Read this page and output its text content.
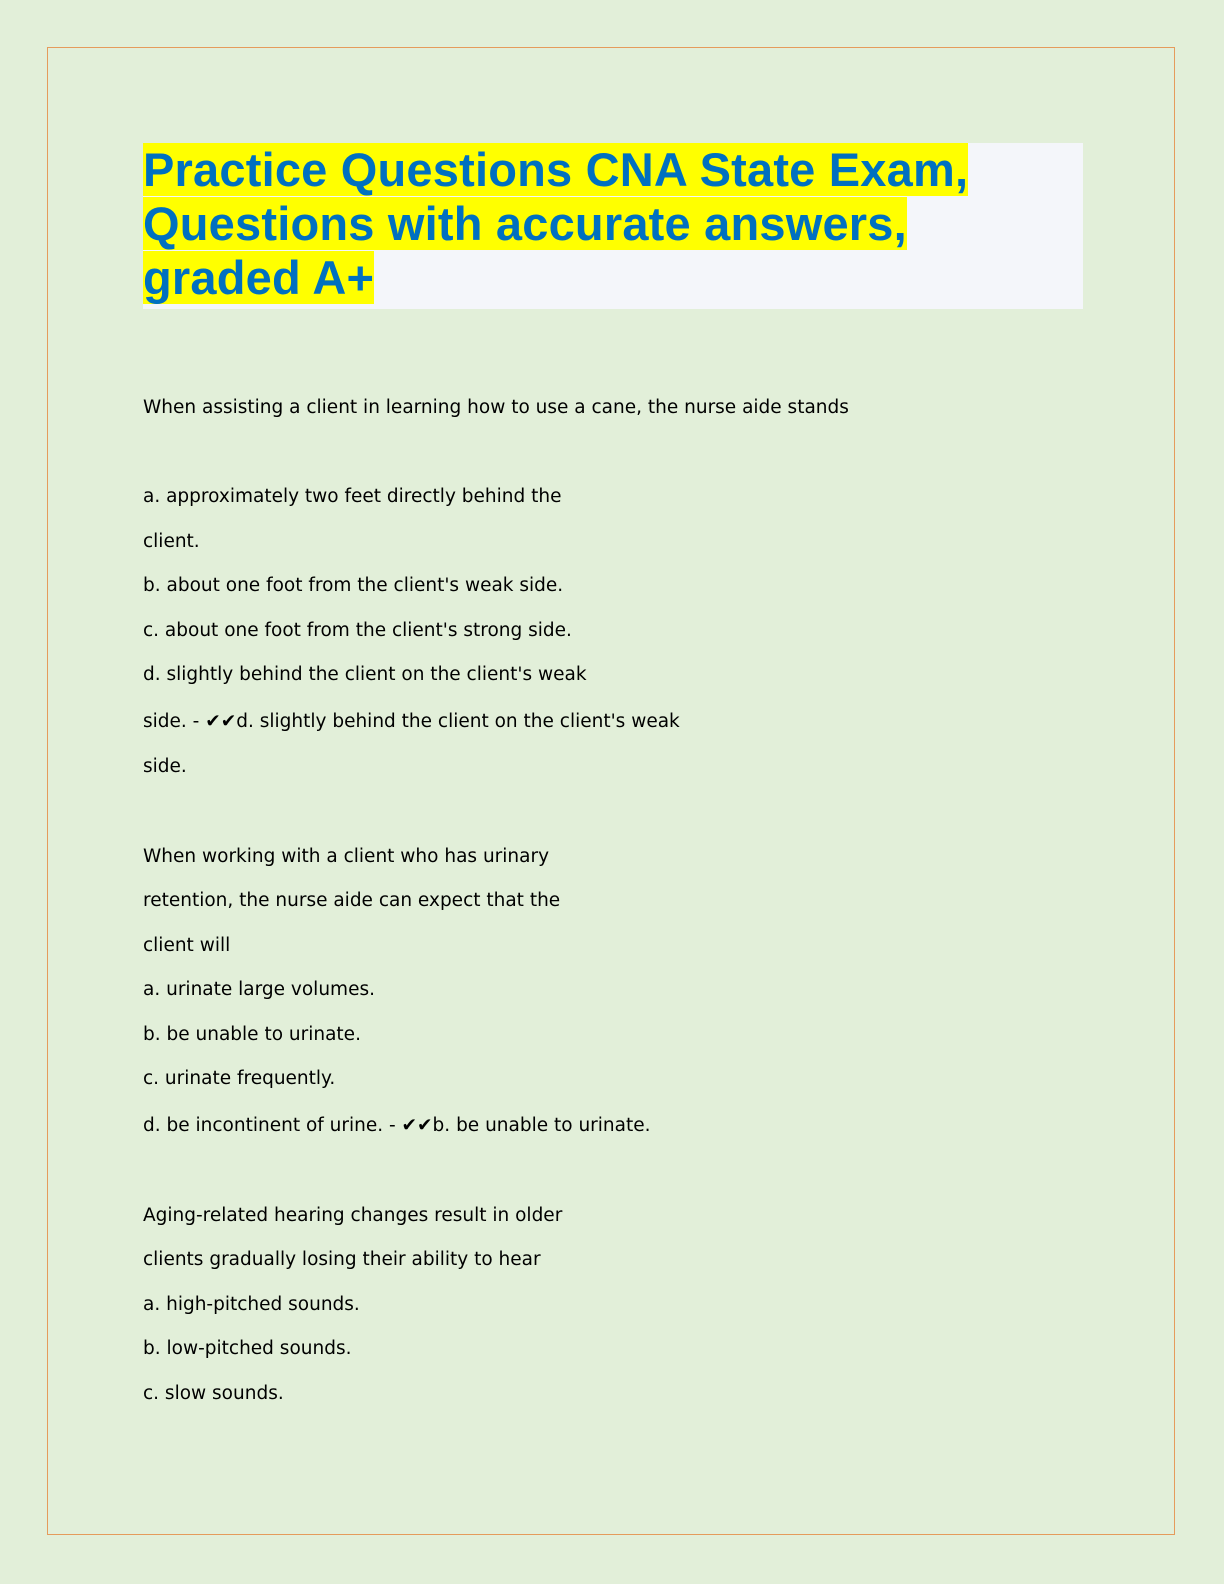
Practice Questions CNA State Exam,
Questions with accurate answers,
graded A+
When assisting a client in learning how to use a cane, the nurse aide stands
a. approximately two feet directly behind the
client.
b. about one foot from the client's weak side.
c. about one foot from the client's strong side.
d. slightly behind the client on the client's weak
side. - ✔✔d. slightly behind the client on the client's weak
side.
When working with a client who has urinary
retention, the nurse aide can expect that the
client will
a. urinate large volumes.
b. be unable to urinate.
c. urinate frequently.
d. be incontinent of urine. - ✔✔b. be unable to urinate.
Aging-related hearing changes result in older
clients gradually losing their ability to hear
a. high-pitched sounds.
b. low-pitched sounds.
c. slow sounds.
